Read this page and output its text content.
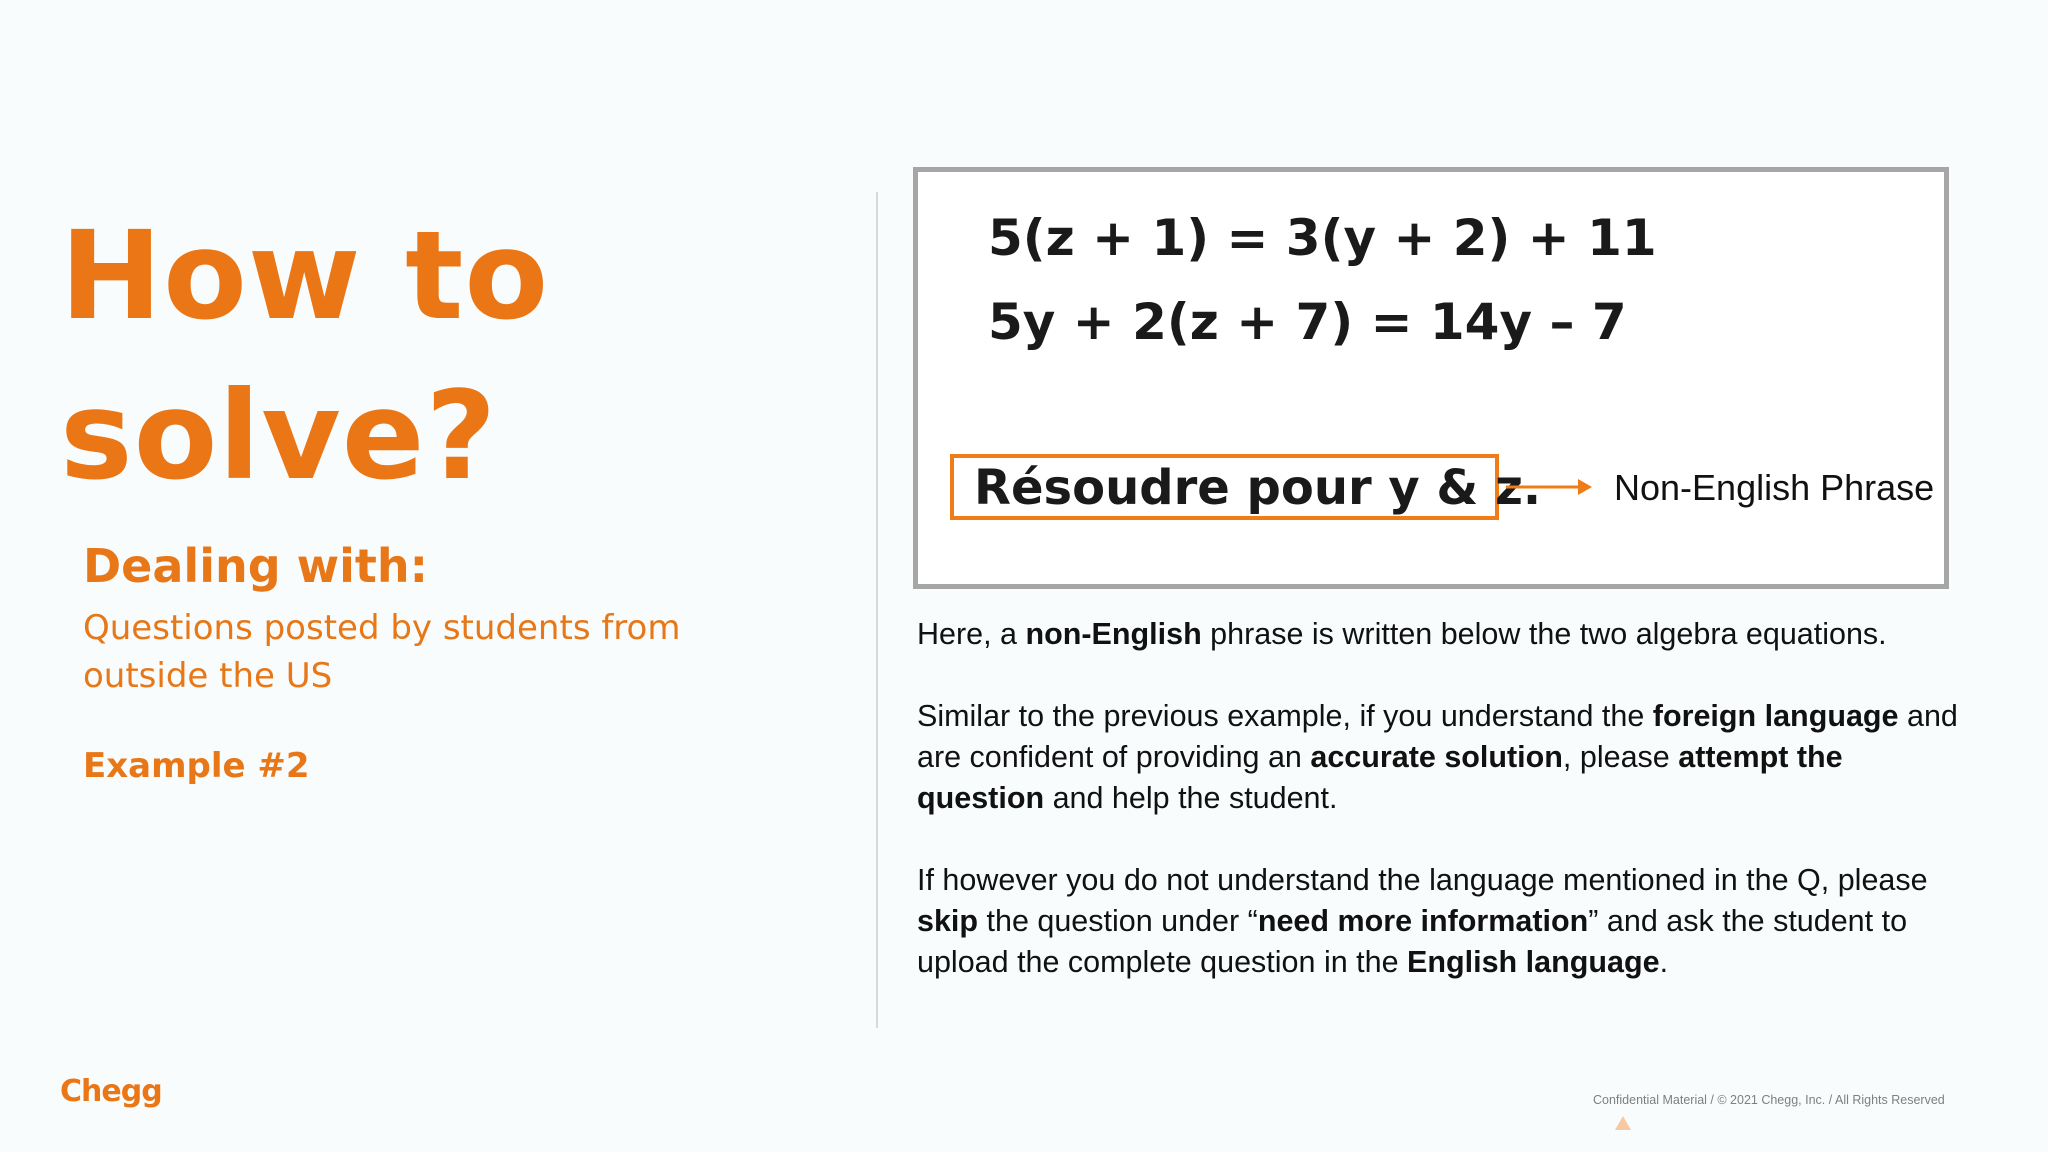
How to
solve?
Dealing with:
Questions posted by students from outside the US
Example #2
5(z + 1) = 3(y + 2) + 11
5y + 2(z + 7) = 14y – 7
Résoudre pour y & z. Non-English Phrase

Here, a non-English phrase is written below the two algebra equations.

Similar to the previous example, if you understand the foreign language and are confident of providing an accurate solution, please attempt the question and help the student.

If however you do not understand the language mentioned in the Q, please skip the question under “need more information” and ask the student to upload the complete question in the English language.

Chegg	Confidential Material / © 2021 Chegg, Inc. / All Rights Reserved
